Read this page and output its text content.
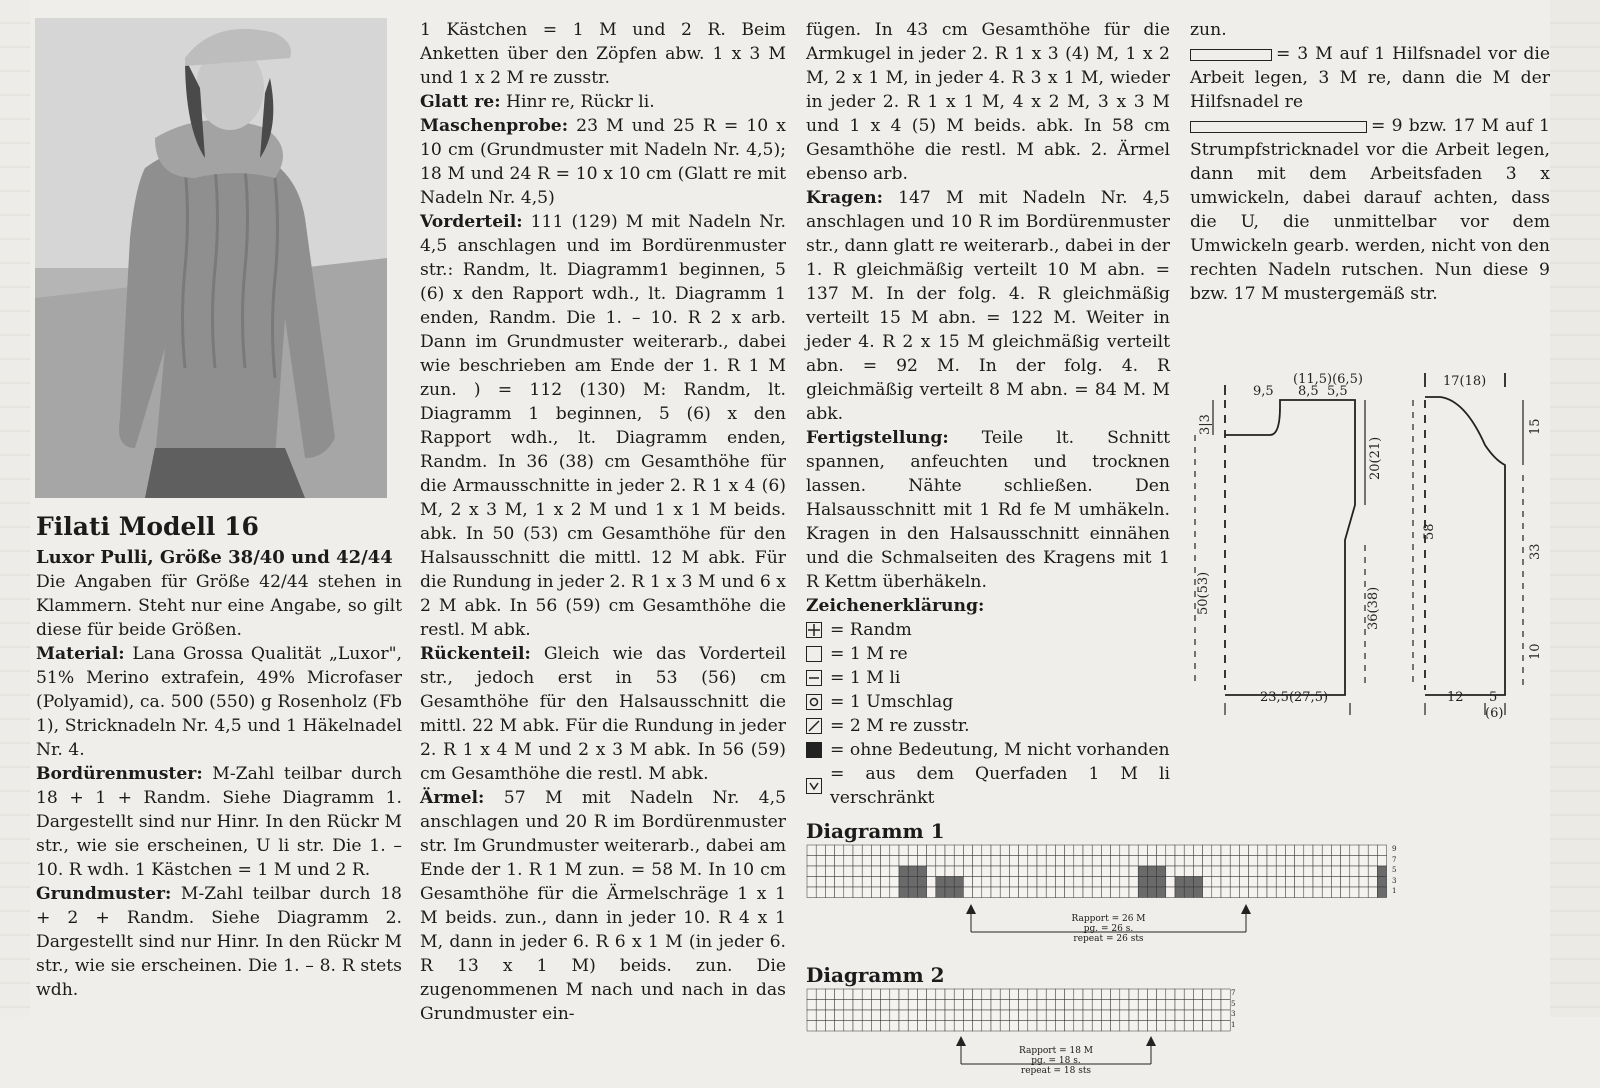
Filati Modell 16
Luxor Pulli, Größe 38/40 und 42/44

Die Angaben für Größe 42/44 stehen in Klammern. Steht nur eine Angabe, so gilt diese für beide Größen.

Material: Lana Grossa Qualität „Luxor", 51% Merino extrafein, 49% Microfaser (Polyamid), ca. 500 (550) g Rosenholz (Fb 1), Stricknadeln Nr. 4,5 und 1 Häkelnadel Nr. 4.

Bordürenmuster: M-Zahl teilbar durch 18 + 1 + Randm. Siehe Diagramm 1. Dargestellt sind nur Hinr. In den Rückr M str., wie sie erscheinen, U li str. Die 1. – 10. R wdh. 1 Kästchen = 1 M und 2 R.

Grundmuster: M-Zahl teilbar durch 18 + 2 + Randm. Siehe Diagramm 2. Dargestellt sind nur Hinr. In den Rückr M str., wie sie erscheinen. Die 1. – 8. R stets wdh.

1 Kästchen = 1 M und 2 R. Beim Anketten über den Zöpfen abw. 1 x 3 M und 1 x 2 M re zusstr.

Glatt re: Hinr re, Rückr li.

Maschenprobe: 23 M und 25 R = 10 x 10 cm (Grundmuster mit Nadeln Nr. 4,5); 18 M und 24 R = 10 x 10 cm (Glatt re mit Nadeln Nr. 4,5)

Vorderteil: 111 (129) M mit Nadeln Nr. 4,5 anschlagen und im Bordürenmuster str.: Randm, lt. Diagramm1 beginnen, 5 (6) x den Rapport wdh., lt. Diagramm 1 enden, Randm. Die 1. – 10. R 2 x arb. Dann im Grundmuster weiterarb., dabei wie beschrieben am Ende der 1. R 1 M zun. ) = 112 (130) M: Randm, lt. Diagramm 1 beginnen, 5 (6) x den Rapport wdh., lt. Diagramm enden, Randm. In 36 (38) cm Gesamthöhe für die Armausschnitte in jeder 2. R 1 x 4 (6) M, 2 x 3 M, 1 x 2 M und 1 x 1 M beids. abk. In 50 (53) cm Gesamthöhe für den Halsausschnitt die mittl. 12 M abk. Für die Rundung in jeder 2. R 1 x 3 M und 6 x 2 M abk. In 56 (59) cm Gesamthöhe die restl. M abk.

Rückenteil: Gleich wie das Vorderteil str., jedoch erst in 53 (56) cm Gesamthöhe für den Halsausschnitt die mittl. 22 M abk. Für die Rundung in jeder 2. R 1 x 4 M und 2 x 3 M abk. In 56 (59) cm Gesamthöhe die restl. M abk.

Ärmel: 57 M mit Nadeln Nr. 4,5 anschlagen und 20 R im Bordürenmuster str. Im Grundmuster weiterarb., dabei am Ende der 1. R 1 M zun. = 58 M. In 10 cm Gesamthöhe für die Ärmelschräge 1 x 1 M beids. zun., dann in jeder 10. R 4 x 1 M, dann in jeder 6. R 6 x 1 M (in jeder 6. R 13 x 1 M) beids. zun. Die zugenommenen M nach und nach in das Grundmuster ein-

fügen. In 43 cm Gesamthöhe für die Armkugel in jeder 2. R 1 x 3 (4) M, 1 x 2 M, 2 x 1 M, in jeder 4. R 3 x 1 M, wieder in jeder 2. R 1 x 1 M, 4 x 2 M, 3 x 3 M und 1 x 4 (5) M beids. abk. In 58 cm Gesamthöhe die restl. M abk. 2. Ärmel ebenso arb.

Kragen: 147 M mit Nadeln Nr. 4,5 anschlagen und 10 R im Bordürenmuster str., dann glatt re weiterarb., dabei in der 1. R gleichmäßig verteilt 10 M abn. = 137 M. In der folg. 4. R gleichmäßig verteilt 15 M abn. = 122 M. Weiter in jeder 4. R 2 x 15 M gleichmäßig verteilt abn. = 92 M. In der folg. 4. R gleichmäßig verteilt 8 M abn. = 84 M. M abk.

Fertigstellung: Teile lt. Schnitt spannen, anfeuchten und trocknen lassen. Nähte schließen. Den Halsausschnitt mit 1 Rd fe M umhäkeln. Kragen in den Halsausschnitt einnähen und die Schmalseiten des Kragens mit 1 R Kettm überhäkeln.

Zeichenerklärung:

= Randm
= 1 M re
= 1 M li
= 1 Umschlag
= 2 M re zusstr.
= ohne Bedeutung, M nicht vorhanden
= aus dem Querfaden 1 M li verschränkt
Diagramm 1
9
7
5
3
1
Rapport = 26 M
pg. = 26 s.
repeat = 26 sts
Diagramm 2
7
5
3
1
Rapport = 18 M
pg. = 18 s.
repeat = 18 sts

zun.

= 3 M auf 1 Hilfsnadel vor die Arbeit legen, 3 M re, dann die M der Hilfsnadel re

= 9 bzw. 17 M auf 1 Strumpfstricknadel vor die Arbeit legen, dann mit dem Arbeitsfaden 3 x umwickeln, dabei darauf achten, dass die U, die unmittelbar vor dem Umwickeln gearb. werden, nicht von den rechten Nadeln rutschen. Nun diese 9 bzw. 17 M mustergemäß str.

9,5
(11,5)(6,5)
8,5 5,5
3|3
20(21)
50(53)	36(38)
23,5(27,5)
17(18)
15
58
33
10
12 5
(6)
